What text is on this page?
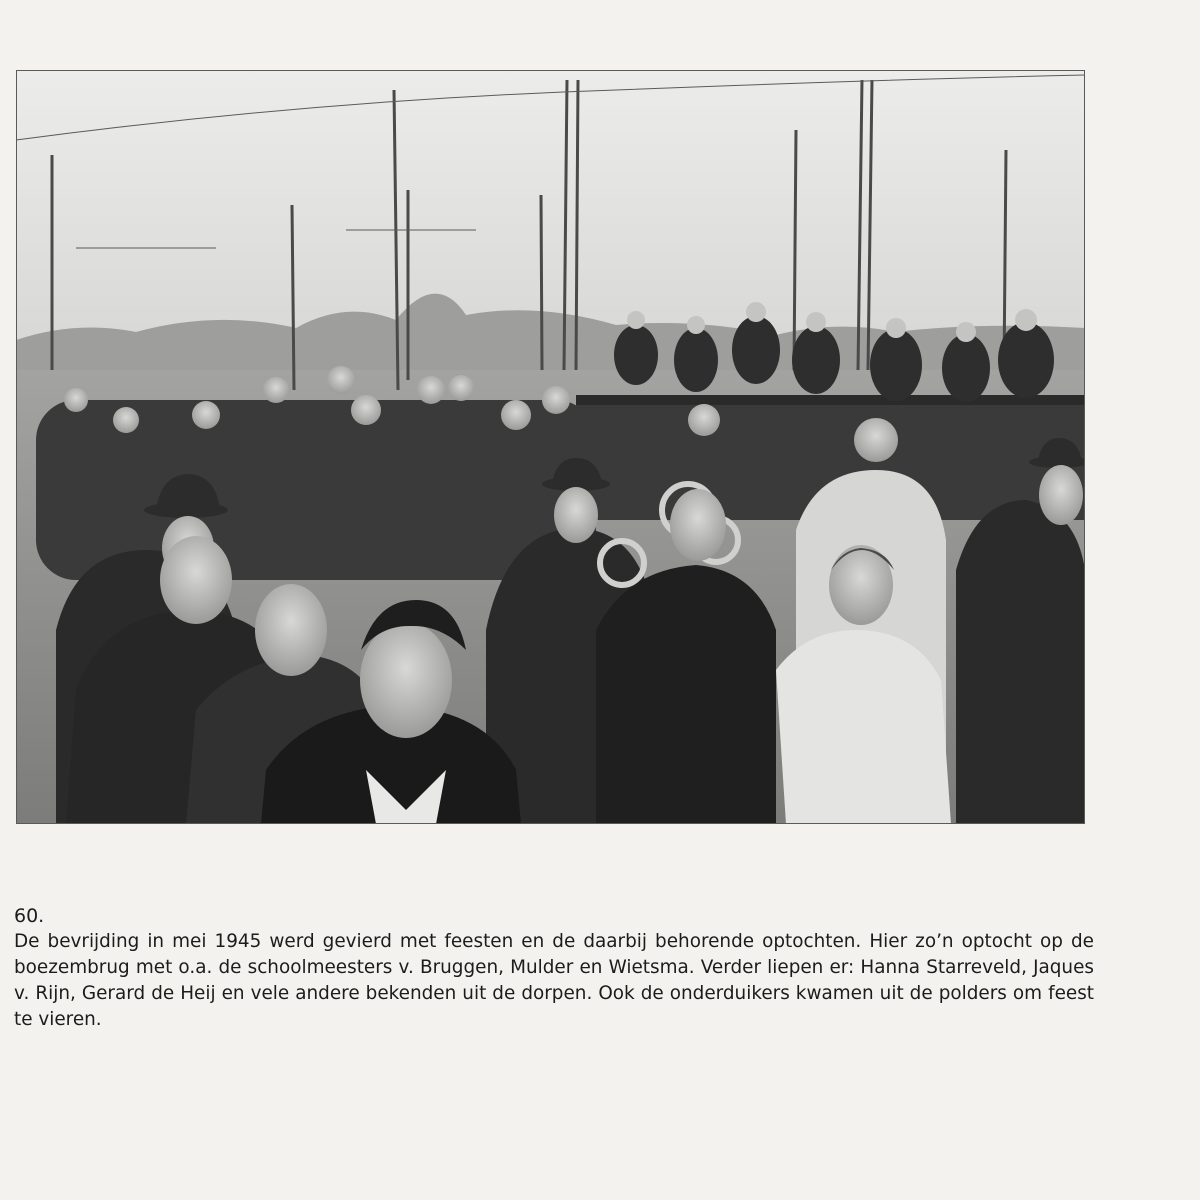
60.

De bevrijding in mei 1945 werd gevierd met feesten en de daarbij behorende optochten. Hier zo’n optocht op de boezembrug met o.a. de schoolmeesters v. Bruggen, Mulder en Wietsma. Verder liepen er: Hanna Starreveld, Jaques v. Rijn, Gerard de Heij en vele andere bekenden uit de dorpen. Ook de onderduikers kwamen uit de polders om feest te vieren.
